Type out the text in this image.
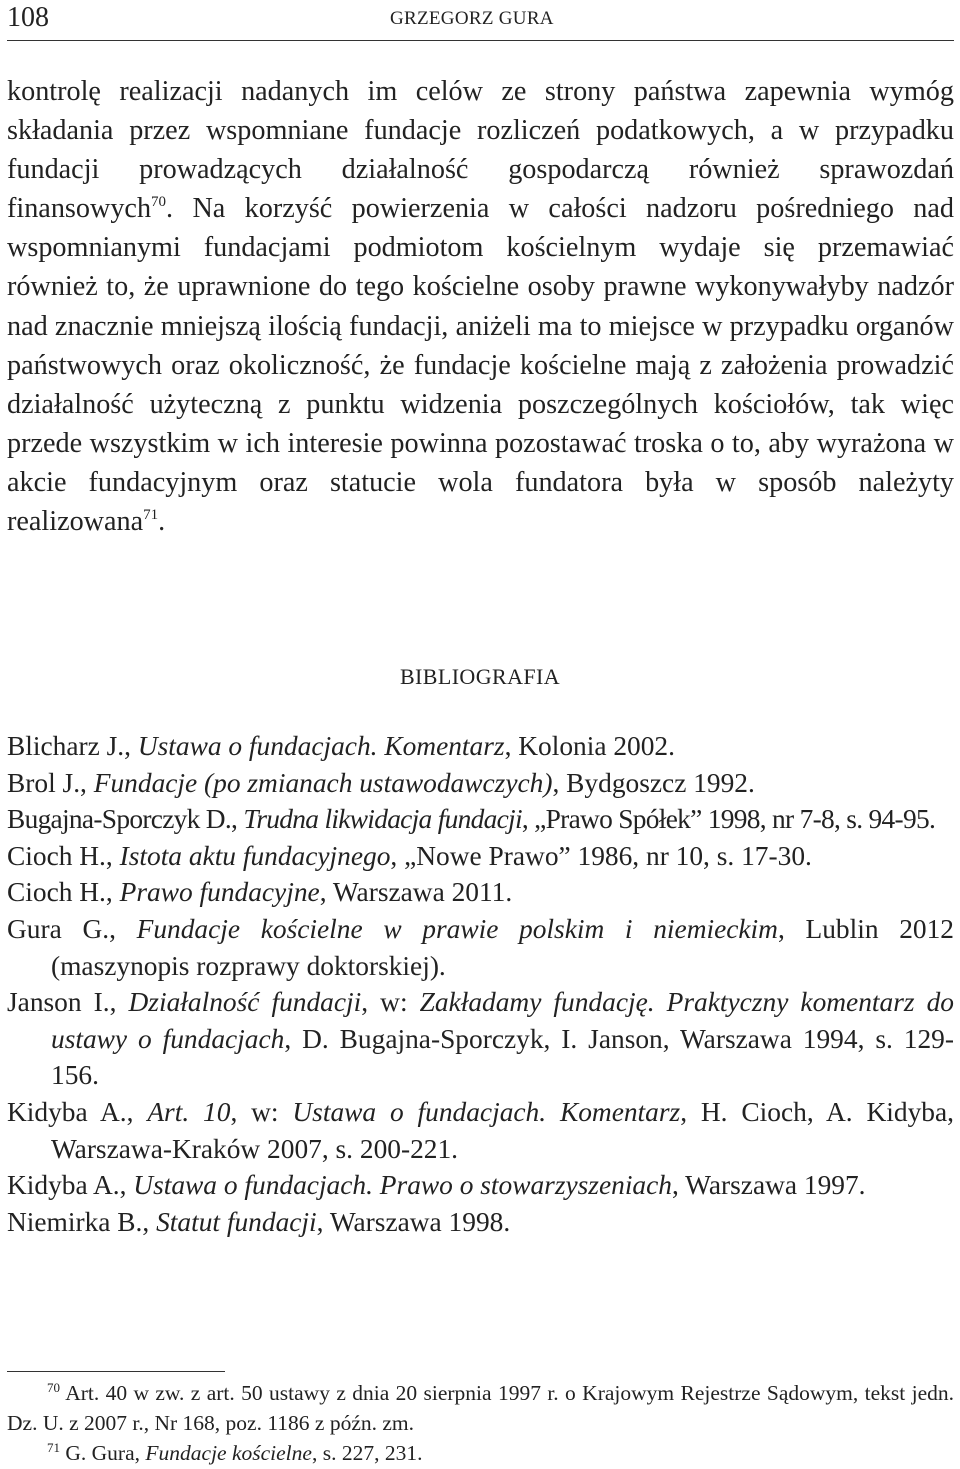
108	GRZEGORZ GURA

kontrolę realizacji nadanych im celów ze strony państwa zapewnia wymóg składania przez wspomniane fundacje rozliczeń podatkowych, a w przypadku fundacji prowadzących działalność gospodarczą również sprawozdań finansowych$^{70}$. Na korzyść powierzenia w całości nadzoru pośredniego nad wspomnianymi fundacjami podmiotom kościelnym wydaje się przemawiać również to, że uprawnione do tego kościelne osoby prawne wykonywałyby nadzór nad znacznie mniejszą ilością fundacji, aniżeli ma to miejsce w przypadku organów państwowych oraz okoliczność, że fundacje kościelne mają z założenia prowadzić działalność użyteczną z punktu widzenia poszczególnych kościołów, tak więc przede wszystkim w ich interesie powinna pozostawać troska o to, aby wyrażona w akcie fundacyjnym oraz statucie wola fundatora była w sposób należyty realizowana$^{71}$.

BIBLIOGRAFIA
Blicharz J., Ustawa o fundacjach. Komentarz, Kolonia 2002.
Brol J., Fundacje (po zmianach ustawodawczych), Bydgoszcz 1992.
Bugajna-Sporczyk D., Trudna likwidacja fundacji, „Prawo Spółek” 1998, nr 7-8, s. 94-95.
Cioch H., Istota aktu fundacyjnego, „Nowe Prawo” 1986, nr 10, s. 17-30.
Cioch H., Prawo fundacyjne, Warszawa 2011.
Gura G., Fundacje kościelne w prawie polskim i niemieckim, Lublin 2012 (maszynopis rozprawy doktorskiej).
Janson I., Działalność fundacji, w: Zakładamy fundację. Praktyczny komentarz do ustawy o fundacjach, D. Bugajna-Sporczyk, I. Janson, Warszawa 1994, s. 129-156.
Kidyba A., Art. 10, w: Ustawa o fundacjach. Komentarz, H. Cioch, A. Kidyba, Warszawa-Kraków 2007, s. 200-221.
Kidyba A., Ustawa o fundacjach. Prawo o stowarzyszeniach, Warszawa 1997.
Niemirka B., Statut fundacji, Warszawa 1998.
$^{70}$ Art. 40 w zw. z art. 50 ustawy z dnia 20 sierpnia 1997 r. o Krajowym Rejestrze Sądowym, tekst jedn. Dz. U. z 2007 r., Nr 168, poz. 1186 z późn. zm.
$^{71}$ G. Gura, Fundacje kościelne, s. 227, 231.
